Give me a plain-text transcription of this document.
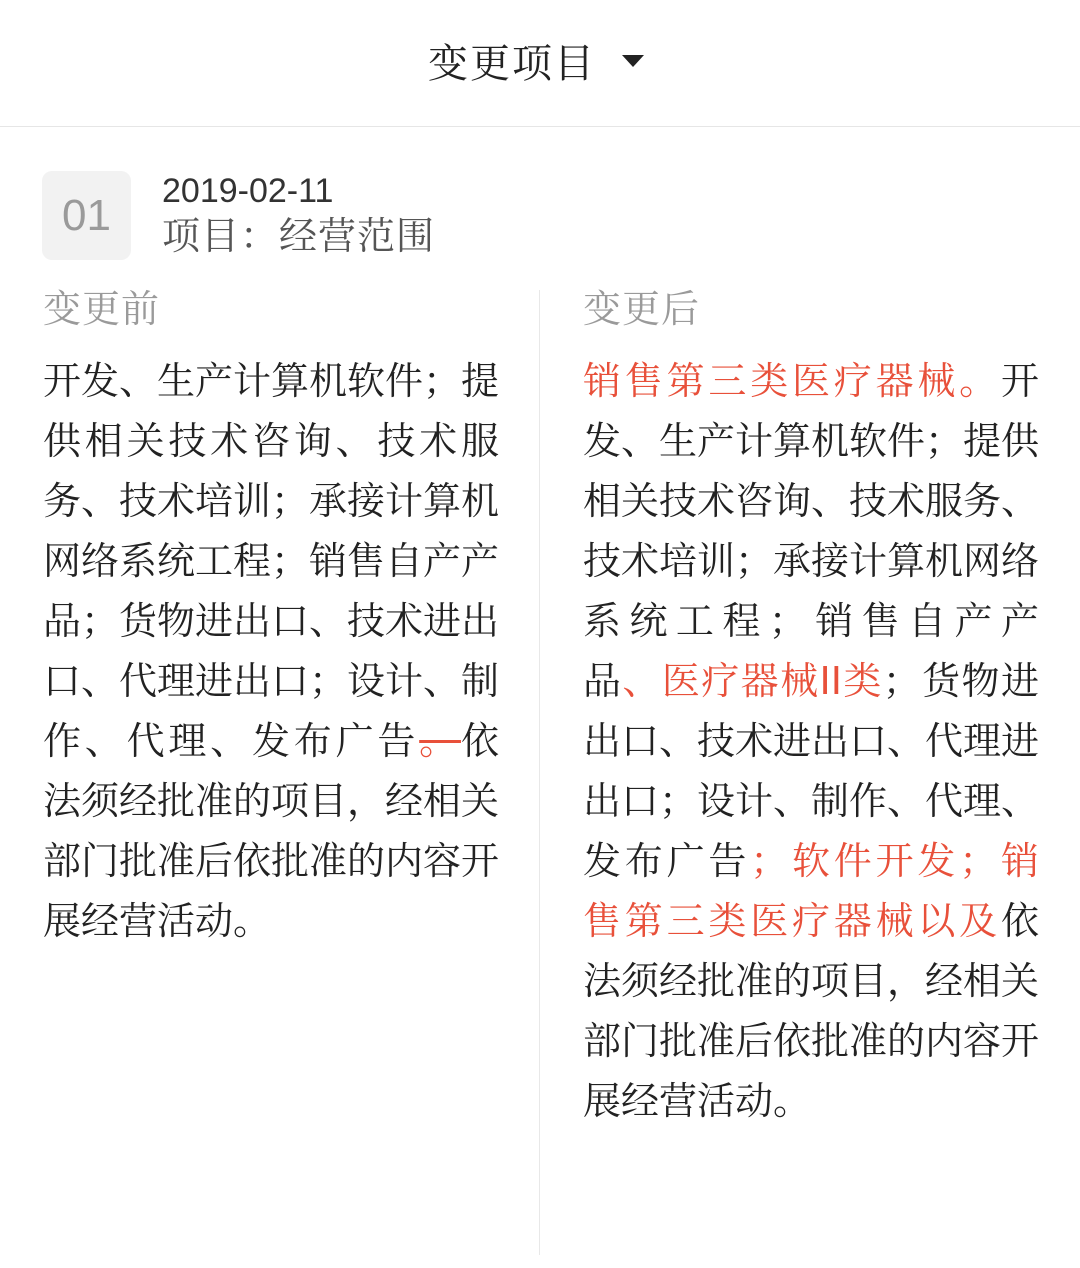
变更项目
01	2019-02-11
项目：经营范围
变更前	变更后
开发、生产计算机软件；提供相关技术咨询、技术服务、技术培训；承接计算机网络系统工程；销售自产产品；货物进出口、技术进出口、代理进出口；设计、制作、代理、发布广告。依法须经批准的项目，经相关部门批准后依批准的内容开展经营活动。
销售第三类医疗器械。开发、生产计算机软件；提供相关技术咨询、技术服务、技术培训；承接计算机网络系统工程；销售自产产品、医疗器械II类；货物进出口、技术进出口、代理进出口；设计、制作、代理、发布广告；软件开发；销售第三类医疗器械以及依法须经批准的项目，经相关部门批准后依批准的内容开展经营活动。
